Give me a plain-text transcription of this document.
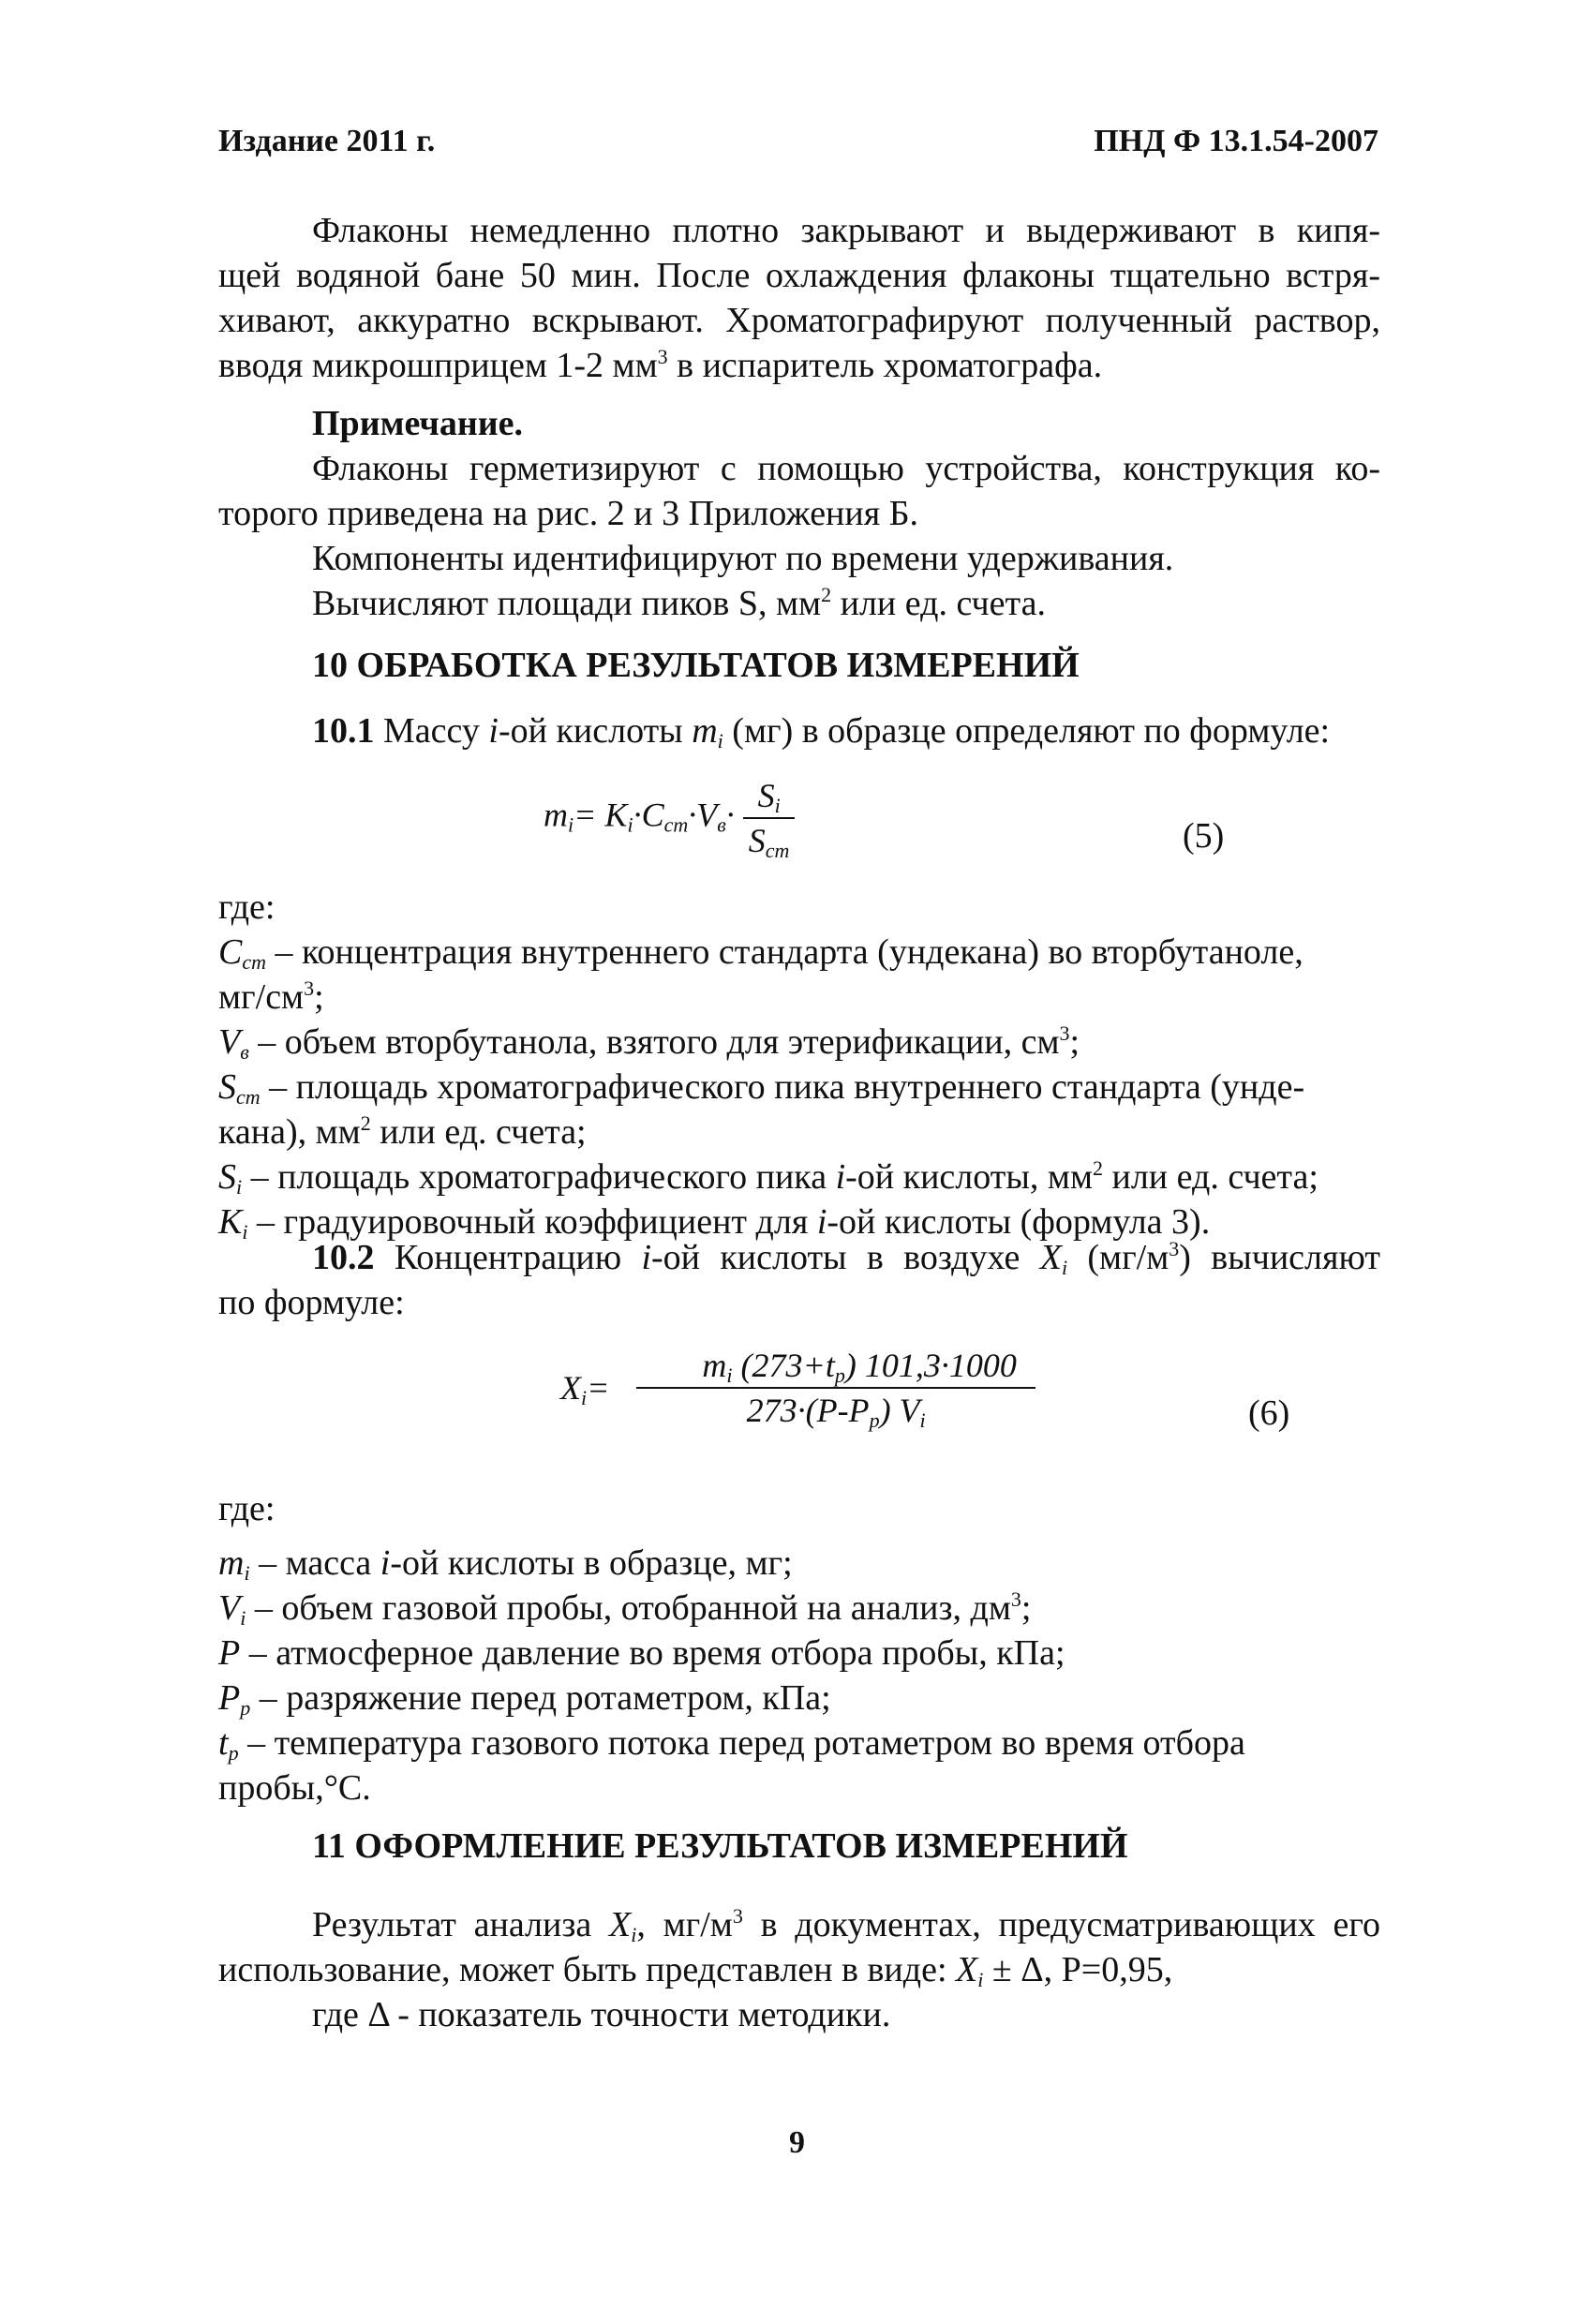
Издание 2011 г.	ПНД Ф 13.1.54-2007
Флаконы немедленно плотно закрывают и выдерживают в кипя-
щей водяной бане 50 мин. После охлаждения флаконы тщательно встря-
хивают, аккуратно вскрывают. Хроматографируют полученный раствор,
вводя микрошприцем 1-2 $мм^3$ в испаритель хроматографа.
Примечание.
Флаконы герметизируют с помощью устройства, конструкция ко-
торого приведена на рис. 2 и 3 Приложения Б.
Компоненты идентифицируют по времени удерживания.
Вычисляют площади пиков S, $мм^2$ или ед. счета.
10 ОБРАБОТКА РЕЗУЛЬТАТОВ ИЗМЕРЕНИЙ
10.1 Массу i-ой кислоты $m_i$ (мг) в образце определяют по формуле:
$m_i= K_i\cdot C_{cm}\cdot V_в\cdot \frac{S_i}{S_{cm}}$	(5)
где:
$C_{cm}$ – концентрация внутреннего стандарта (ундекана) во вторбутаноле,
$мг/см^3$;
$V_в$ – объем вторбутанола, взятого для этерификации, $см^3$;
$S_{cm}$ – площадь хроматографического пика внутреннего стандарта (унде-
кана), $мм^2$ или ед. счета;
$S_i$ – площадь хроматографического пика i-ой кислоты, $мм^2$ или ед. счета;
$K_i$ – градуировочный коэффициент для i-ой кислоты (формула 3).
10.2 Концентрацию i-ой кислоты в воздухе $X_i$ $(мг/м^3)$ вычисляют
по формуле:
$X_i= \frac{m_i (273+t_р) 101,3\cdot 1000}{273\cdot(P-P_р) V_i}$	(6)
где:
$m_i$ – масса i-ой кислоты в образце, мг;
$V_i$ – объем газовой пробы, отобранной на анализ, $дм^3$;
P – атмосферное давление во время отбора пробы, кПа;
$P_p$ – разряжение перед ротаметром, кПа;
$t_p$ – температура газового потока перед ротаметром во время отбора
пробы,°С.
11 ОФОРМЛЕНИЕ РЕЗУЛЬТАТОВ ИЗМЕРЕНИЙ
Результат анализа $X_i$, $мг/м^3$ в документах, предусматривающих его
использование, может быть представлен в виде: $X_i \pm \Delta$, P=0,95,
где Δ - показатель точности методики.
9
